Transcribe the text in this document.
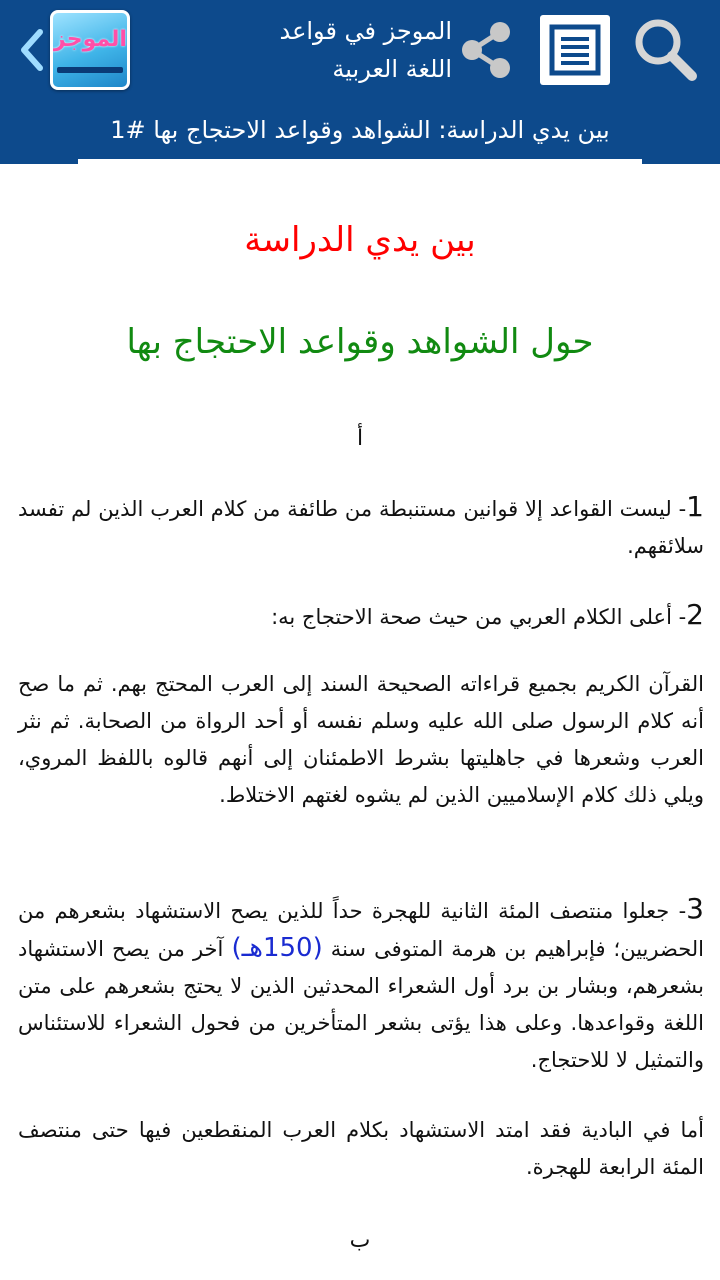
الموجز	الموجز في قواعد اللغة العربية
بين يدي الدراسة: الشواهد وقواعد الاحتجاج بها #1
بين يدي الدراسة
حول الشواهد وقواعد الاحتجاج بها
أ
1- ليست القواعد إلا قوانين مستنبطة من طائفة من كلام العرب الذين لم تفسد سلائقهم.
2- أعلى الكلام العربي من حيث صحة الاحتجاج به:
القرآن الكريم بجميع قراءاته الصحيحة السند إلى العرب المحتج بهم. ثم ما صح أنه كلام الرسول صلى الله عليه وسلم نفسه أو أحد الرواة من الصحابة. ثم نثر العرب وشعرها في جاهليتها بشرط الاطمئنان إلى أنهم قالوه باللفظ المروي، ويلي ذلك كلام الإسلاميين الذين لم يشوه لغتهم الاختلاط.
3- جعلوا منتصف المئة الثانية للهجرة حداً للذين يصح الاستشهاد بشعرهم من الحضريين؛ فإبراهيم بن هرمة المتوفى سنة (150هـ) آخر من يصح الاستشهاد بشعرهم، وبشار بن برد أول الشعراء المحدثين الذين لا يحتج بشعرهم على متن اللغة وقواعدها. وعلى هذا يؤتى بشعر المتأخرين من فحول الشعراء للاستئناس والتمثيل لا للاحتجاج.
أما في البادية فقد امتد الاستشهاد بكلام العرب المنقطعين فيها حتى منتصف المئة الرابعة للهجرة.
ب
